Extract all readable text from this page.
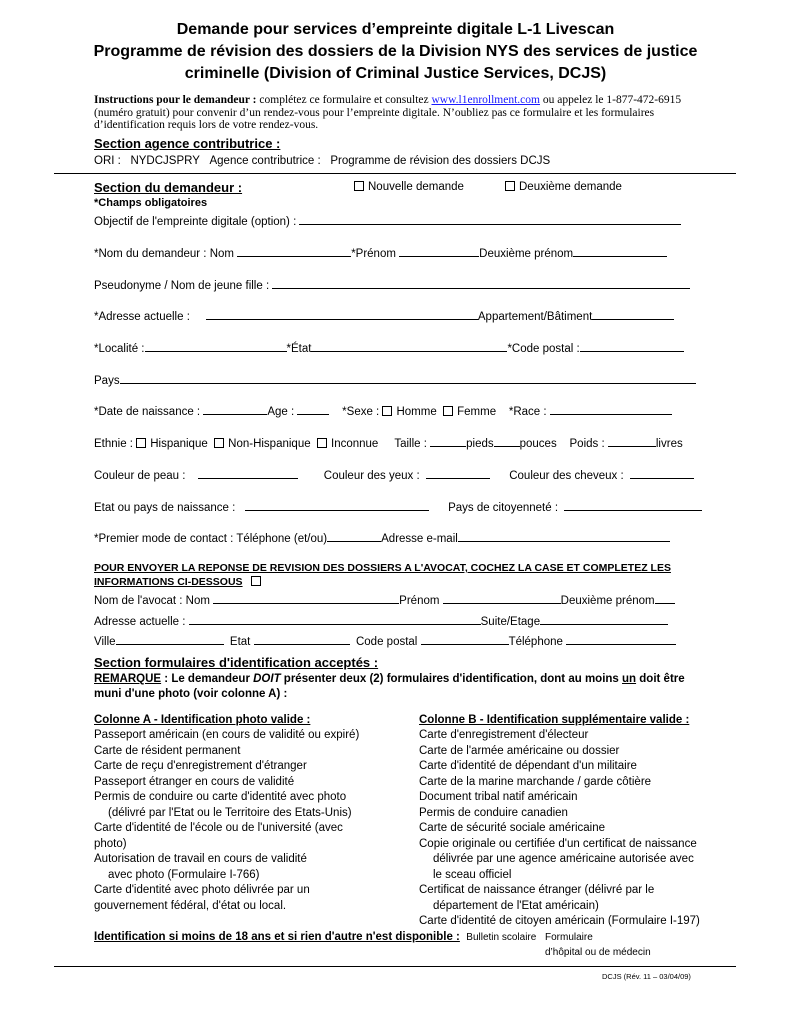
Demande pour services d’empreinte digitale L-1 Livescan
Programme de révision des dossiers de la Division NYS des services de justice
criminelle (Division of Criminal Justice Services, DCJS)
Instructions pour le demandeur : complétez ce formulaire et consultez www.l1enrollment.com ou appelez le 1-877-472-6915 (numéro gratuit) pour convenir d’un rendez-vous pour l’empreinte digitale. N’oubliez pas ce formulaire et les formulaires d’identification requis lors de votre rendez-vous.
Section agence contributrice :
ORI : NYDCJSPRY Agence contributrice : Programme de révision des dossiers DCJS
Section du demandeur :	Nouvelle demande	Deuxième demande
*Champs obligatoires
Objectif de l'empreinte digitale (option) :
*Nom du demandeur : Nom	*Prénom	Deuxième prénom
Pseudonyme / Nom de jeune fille :
*Adresse actuelle :	Appartement/Bâtiment
*Localité :	*État	*Code postal :
Pays
*Date de naissance :	Age :	*Sexe : Homme Femme *Race :
Ethnie : Hispanique Non-Hispanique Inconnue Taille :	pieds pouces Poids :	livres
Couleur de peau :	Couleur des yeux :	Couleur des cheveux :
Etat ou pays de naissance :	Pays de citoyenneté :
*Premier mode de contact : Téléphone (et/ou)	Adresse e-mail
POUR ENVOYER LA REPONSE DE REVISION DES DOSSIERS A L'AVOCAT, COCHEZ LA CASE ET COMPLETEZ LES
INFORMATIONS CI-DESSOUS
Nom de l'avocat : Nom	Prénom	Deuxième prénom
Adresse actuelle :	Suite/Etage
Ville	Etat	Code postal	Téléphone
Section formulaires d'identification acceptés :
REMARQUE : Le demandeur DOIT présenter deux (2) formulaires d'identification, dont au moins un doit être
muni d'une photo (voir colonne A) :
Colonne A - Identification photo valide :
Passeport américain (en cours de validité ou expiré)
Carte de résident permanent
Carte de reçu d'enregistrement d'étranger
Passeport étranger en cours de validité
Permis de conduire ou carte d'identité avec photo
(délivré par l'Etat ou le Territoire des Etats-Unis)
Carte d'identité de l'école ou de l'université (avec
photo)
Autorisation de travail en cours de validité
avec photo (Formulaire I-766)
Carte d'identité avec photo délivrée par un
gouvernement fédéral, d'état ou local.
Colonne B - Identification supplémentaire valide :
Carte d'enregistrement d'électeur
Carte de l'armée américaine ou dossier
Carte d'identité de dépendant d'un militaire
Carte de la marine marchande / garde côtière
Document tribal natif américain
Permis de conduire canadien
Carte de sécurité sociale américaine
Copie originale ou certifiée d'un certificat de naissance
délivrée par une agence américaine autorisée avec
le sceau officiel
Certificat de naissance étranger (délivré par le
département de l'Etat américain)
Carte d'identité de citoyen américain (Formulaire I-197)
Identification si moins de 18 ans et si rien d'autre n'est disponible : Bulletin scolaire Formulaire
d’hôpital ou de médecin
DCJS (Rév. 11 – 03/04/09)
